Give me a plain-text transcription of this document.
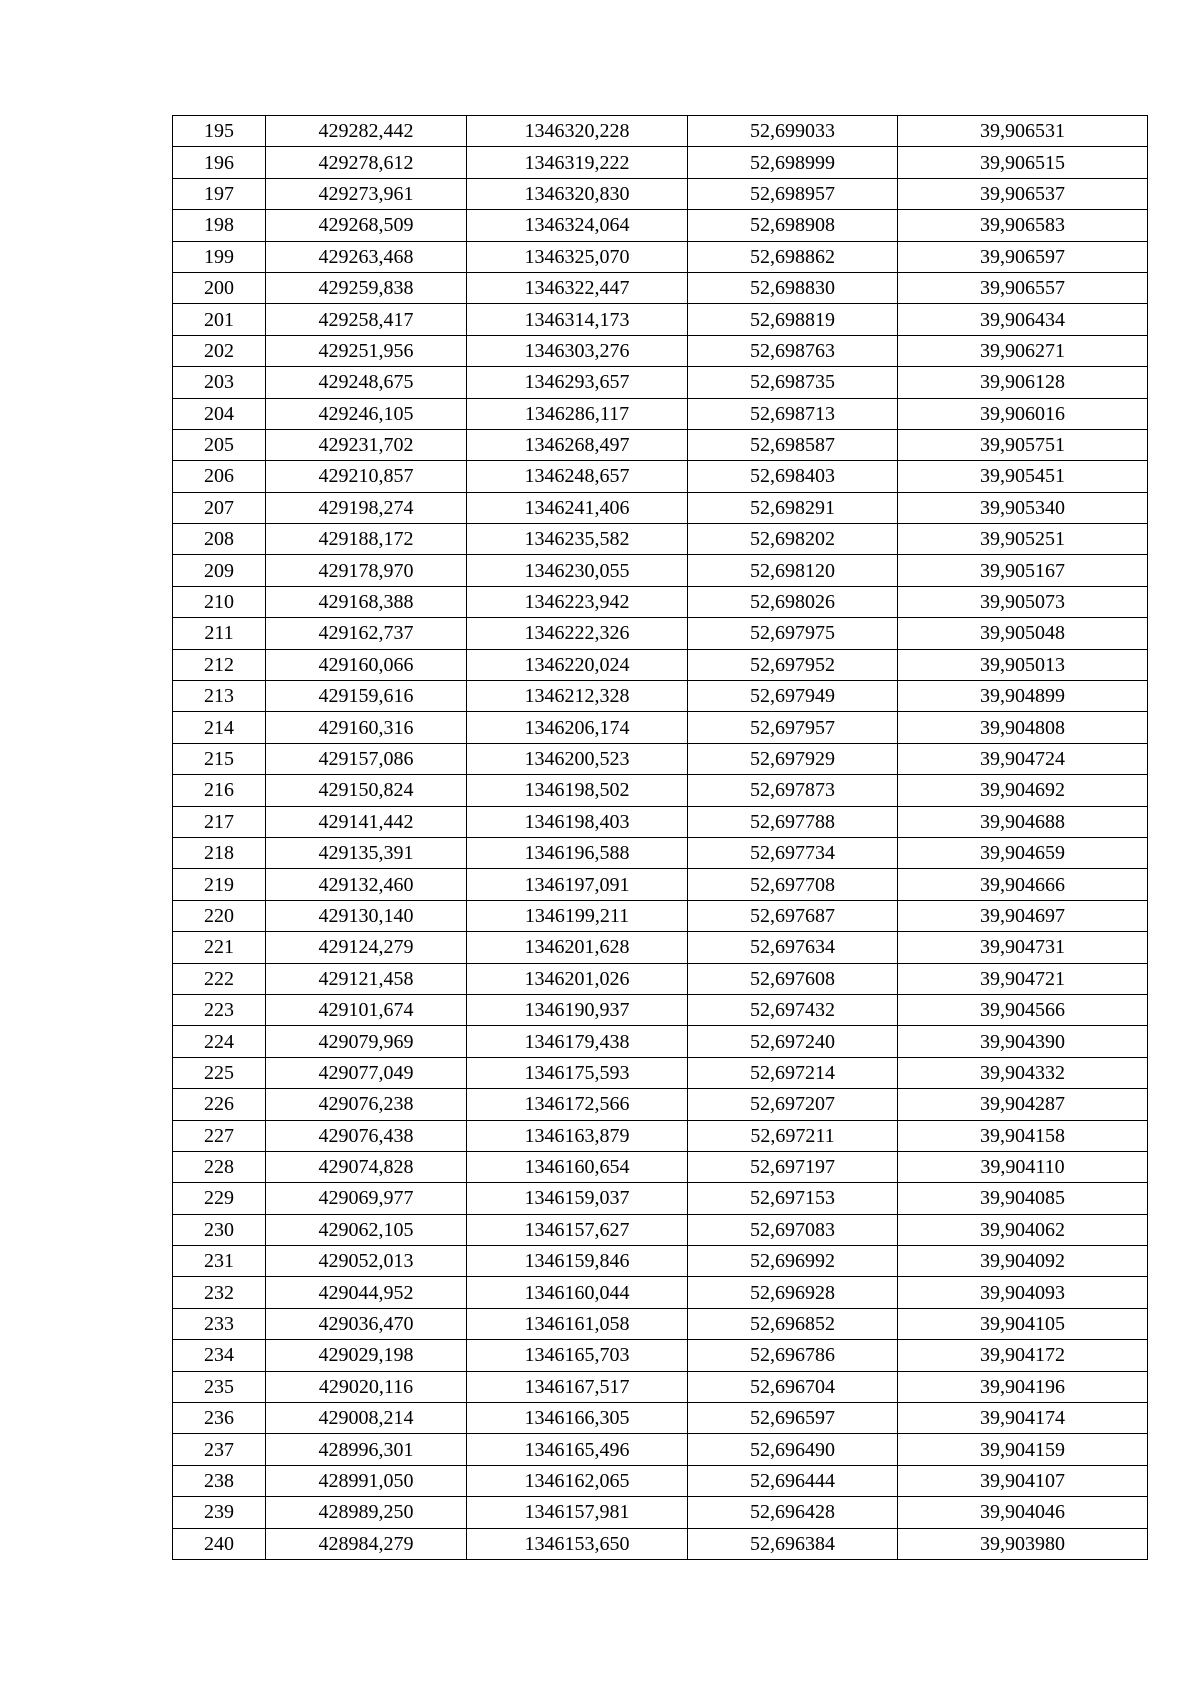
195	429282,442	1346320,228	52,699033	39,906531
196	429278,612	1346319,222	52,698999	39,906515
197	429273,961	1346320,830	52,698957	39,906537
198	429268,509	1346324,064	52,698908	39,906583
199	429263,468	1346325,070	52,698862	39,906597
200	429259,838	1346322,447	52,698830	39,906557
201	429258,417	1346314,173	52,698819	39,906434
202	429251,956	1346303,276	52,698763	39,906271
203	429248,675	1346293,657	52,698735	39,906128
204	429246,105	1346286,117	52,698713	39,906016
205	429231,702	1346268,497	52,698587	39,905751
206	429210,857	1346248,657	52,698403	39,905451
207	429198,274	1346241,406	52,698291	39,905340
208	429188,172	1346235,582	52,698202	39,905251
209	429178,970	1346230,055	52,698120	39,905167
210	429168,388	1346223,942	52,698026	39,905073
211	429162,737	1346222,326	52,697975	39,905048
212	429160,066	1346220,024	52,697952	39,905013
213	429159,616	1346212,328	52,697949	39,904899
214	429160,316	1346206,174	52,697957	39,904808
215	429157,086	1346200,523	52,697929	39,904724
216	429150,824	1346198,502	52,697873	39,904692
217	429141,442	1346198,403	52,697788	39,904688
218	429135,391	1346196,588	52,697734	39,904659
219	429132,460	1346197,091	52,697708	39,904666
220	429130,140	1346199,211	52,697687	39,904697
221	429124,279	1346201,628	52,697634	39,904731
222	429121,458	1346201,026	52,697608	39,904721
223	429101,674	1346190,937	52,697432	39,904566
224	429079,969	1346179,438	52,697240	39,904390
225	429077,049	1346175,593	52,697214	39,904332
226	429076,238	1346172,566	52,697207	39,904287
227	429076,438	1346163,879	52,697211	39,904158
228	429074,828	1346160,654	52,697197	39,904110
229	429069,977	1346159,037	52,697153	39,904085
230	429062,105	1346157,627	52,697083	39,904062
231	429052,013	1346159,846	52,696992	39,904092
232	429044,952	1346160,044	52,696928	39,904093
233	429036,470	1346161,058	52,696852	39,904105
234	429029,198	1346165,703	52,696786	39,904172
235	429020,116	1346167,517	52,696704	39,904196
236	429008,214	1346166,305	52,696597	39,904174
237	428996,301	1346165,496	52,696490	39,904159
238	428991,050	1346162,065	52,696444	39,904107
239	428989,250	1346157,981	52,696428	39,904046
240	428984,279	1346153,650	52,696384	39,903980
